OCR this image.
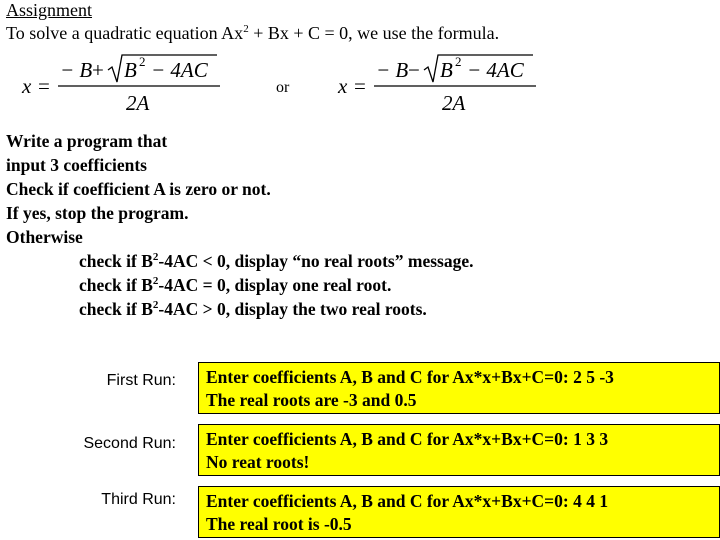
Assignment
To solve a quadratic equation $Ax^2 + Bx + C = 0$, we use the formula.
x =
− B + B 2 − 4AC
2A
or x =
− B − B 2 − 4AC
2A
Write a program that
input 3 coefficients
Check if coefficient A is zero or not.
If yes, stop the program.
Otherwise
check if $B^2-4AC < 0$, display “no real roots” message.
check if $B^2-4AC = 0$, display one real root.
check if $B^2-4AC > 0$, display the two real roots.
First Run: Enter coefficients A, B and C for Ax*x+Bx+C=0: 2 5 -3
The real roots are -3 and 0.5
Second Run: Enter coefficients A, B and C for Ax*x+Bx+C=0: 1 3 3
No reat roots!
Third Run: Enter coefficients A, B and C for Ax*x+Bx+C=0: 4 4 1
The real root is -0.5
